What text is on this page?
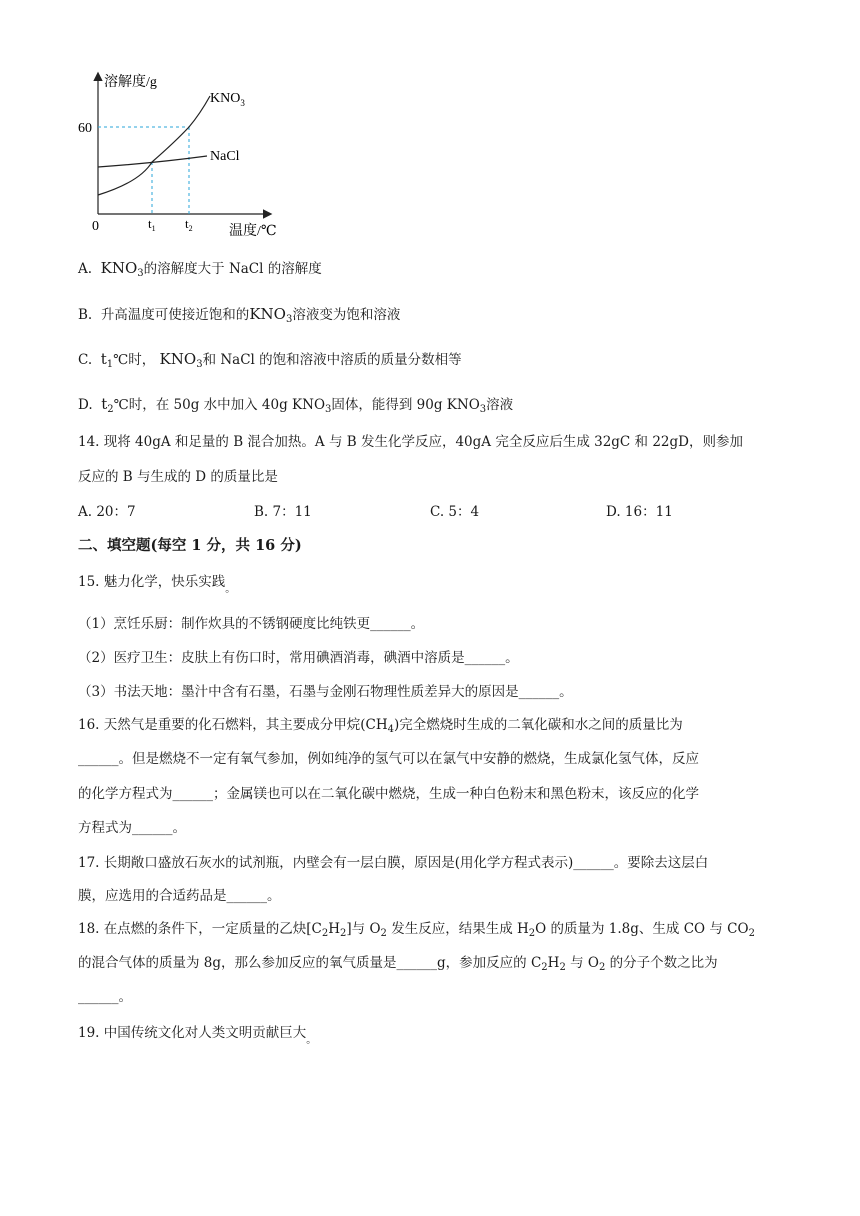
溶解度/g
温度/℃
0
60
$KNO_3$
NaCl
$t_1$ $t_2$
A. $KNO_3$的溶解度大于 NaCl 的溶解度
B. 升高温度可使接近饱和的$KNO_3$溶液变为饱和溶液
C. $t_1℃$时， $KNO_3$和 NaCl 的饱和溶液中溶质的质量分数相等
D. $t_2℃$时，在 50g 水中加入 40g $KNO_3$固体，能得到 90g $KNO_3$溶液
14. 现将 40gA 和足量的 B 混合加热。A 与 B 发生化学反应，40gA 完全反应后生成 32gC 和 22gD，则参加
反应的 B 与生成的 D 的质量比是
A. 20：7	B. 7：11	C. 5：4	D. 16：11
二、填空题(每空 1 分，共 16 分)
15. 魅力化学，快乐实践$_。$
（1）烹饪乐厨：制作炊具的不锈钢硬度比纯铁更______。
（2）医疗卫生：皮肤上有伤口时，常用碘酒消毒，碘酒中溶质是______。
（3）书法天地：墨汁中含有石墨，石墨与金刚石物理性质差异大的原因是______。
16. 天然气是重要的化石燃料，其主要成分甲烷$(CH_4)$完全燃烧时生成的二氧化碳和水之间的质量比为
______。但是燃烧不一定有氧气参加，例如纯净的氢气可以在氯气中安静的燃烧，生成氯化氢气体，反应
的化学方程式为______；金属镁也可以在二氧化碳中燃烧，生成一种白色粉末和黑色粉末，该反应的化学
方程式为______。
17. 长期敞口盛放石灰水的试剂瓶，内壁会有一层白膜，原因是(用化学方程式表示)______。要除去这层白
膜，应选用的合适药品是______。
18. 在点燃的条件下，一定质量的乙炔$[C_2H_2]$与 $O_2$ 发生反应，结果生成 $H_2O$ 的质量为 1.8g、生成 CO 与 $CO_2$
的混合气体的质量为 8g，那么参加反应的氧气质量是______g，参加反应的 $C_2H_2$ 与 $O_2$ 的分子个数之比为
______。
19. 中国传统文化对人类文明贡献巨大$_。$
